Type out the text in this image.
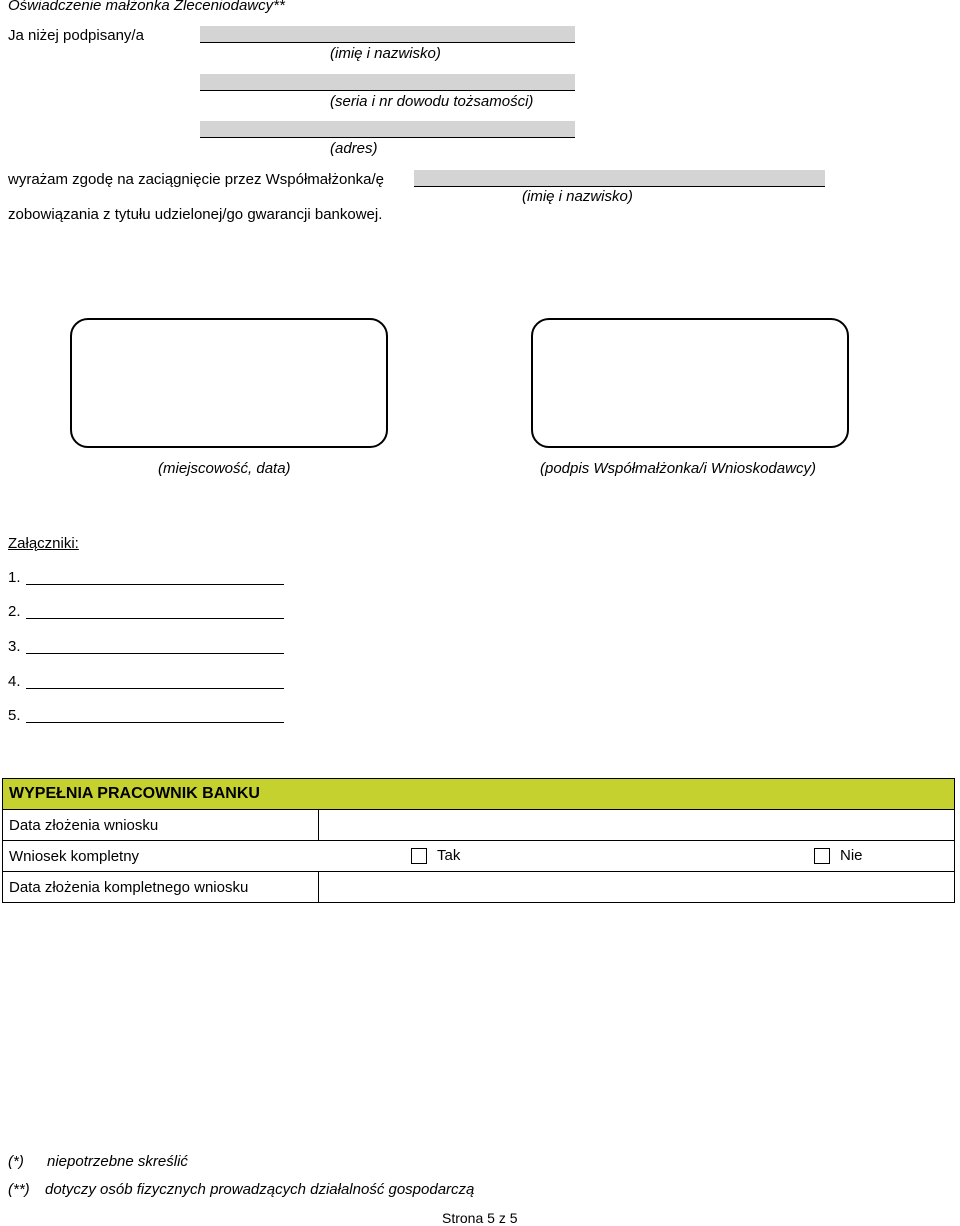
Oświadczenie małżonka Zleceniodawcy**
Ja niżej podpisany/a
(imię i nazwisko)
(seria i nr dowodu tożsamości)
(adres)
wyrażam zgodę na zaciągnięcie przez Współmałżonka/ę
(imię i nazwisko)
zobowiązania z tytułu udzielonej/go gwarancji bankowej.
(miejscowość, data)	(podpis Współmałżonka/i Wnioskodawcy)
Załączniki:
1.
2.
3.
4.
5.
WYPEŁNIA PRACOWNIK BANKU	
Data złożenia wniosku	

Wniosek kompletny Tak Nie	

Data złożenia kompletnego wniosku	
(*) niepotrzebne skreślić
(**) dotyczy osób fizycznych prowadzących działalność gospodarczą
Strona 5 z 5
